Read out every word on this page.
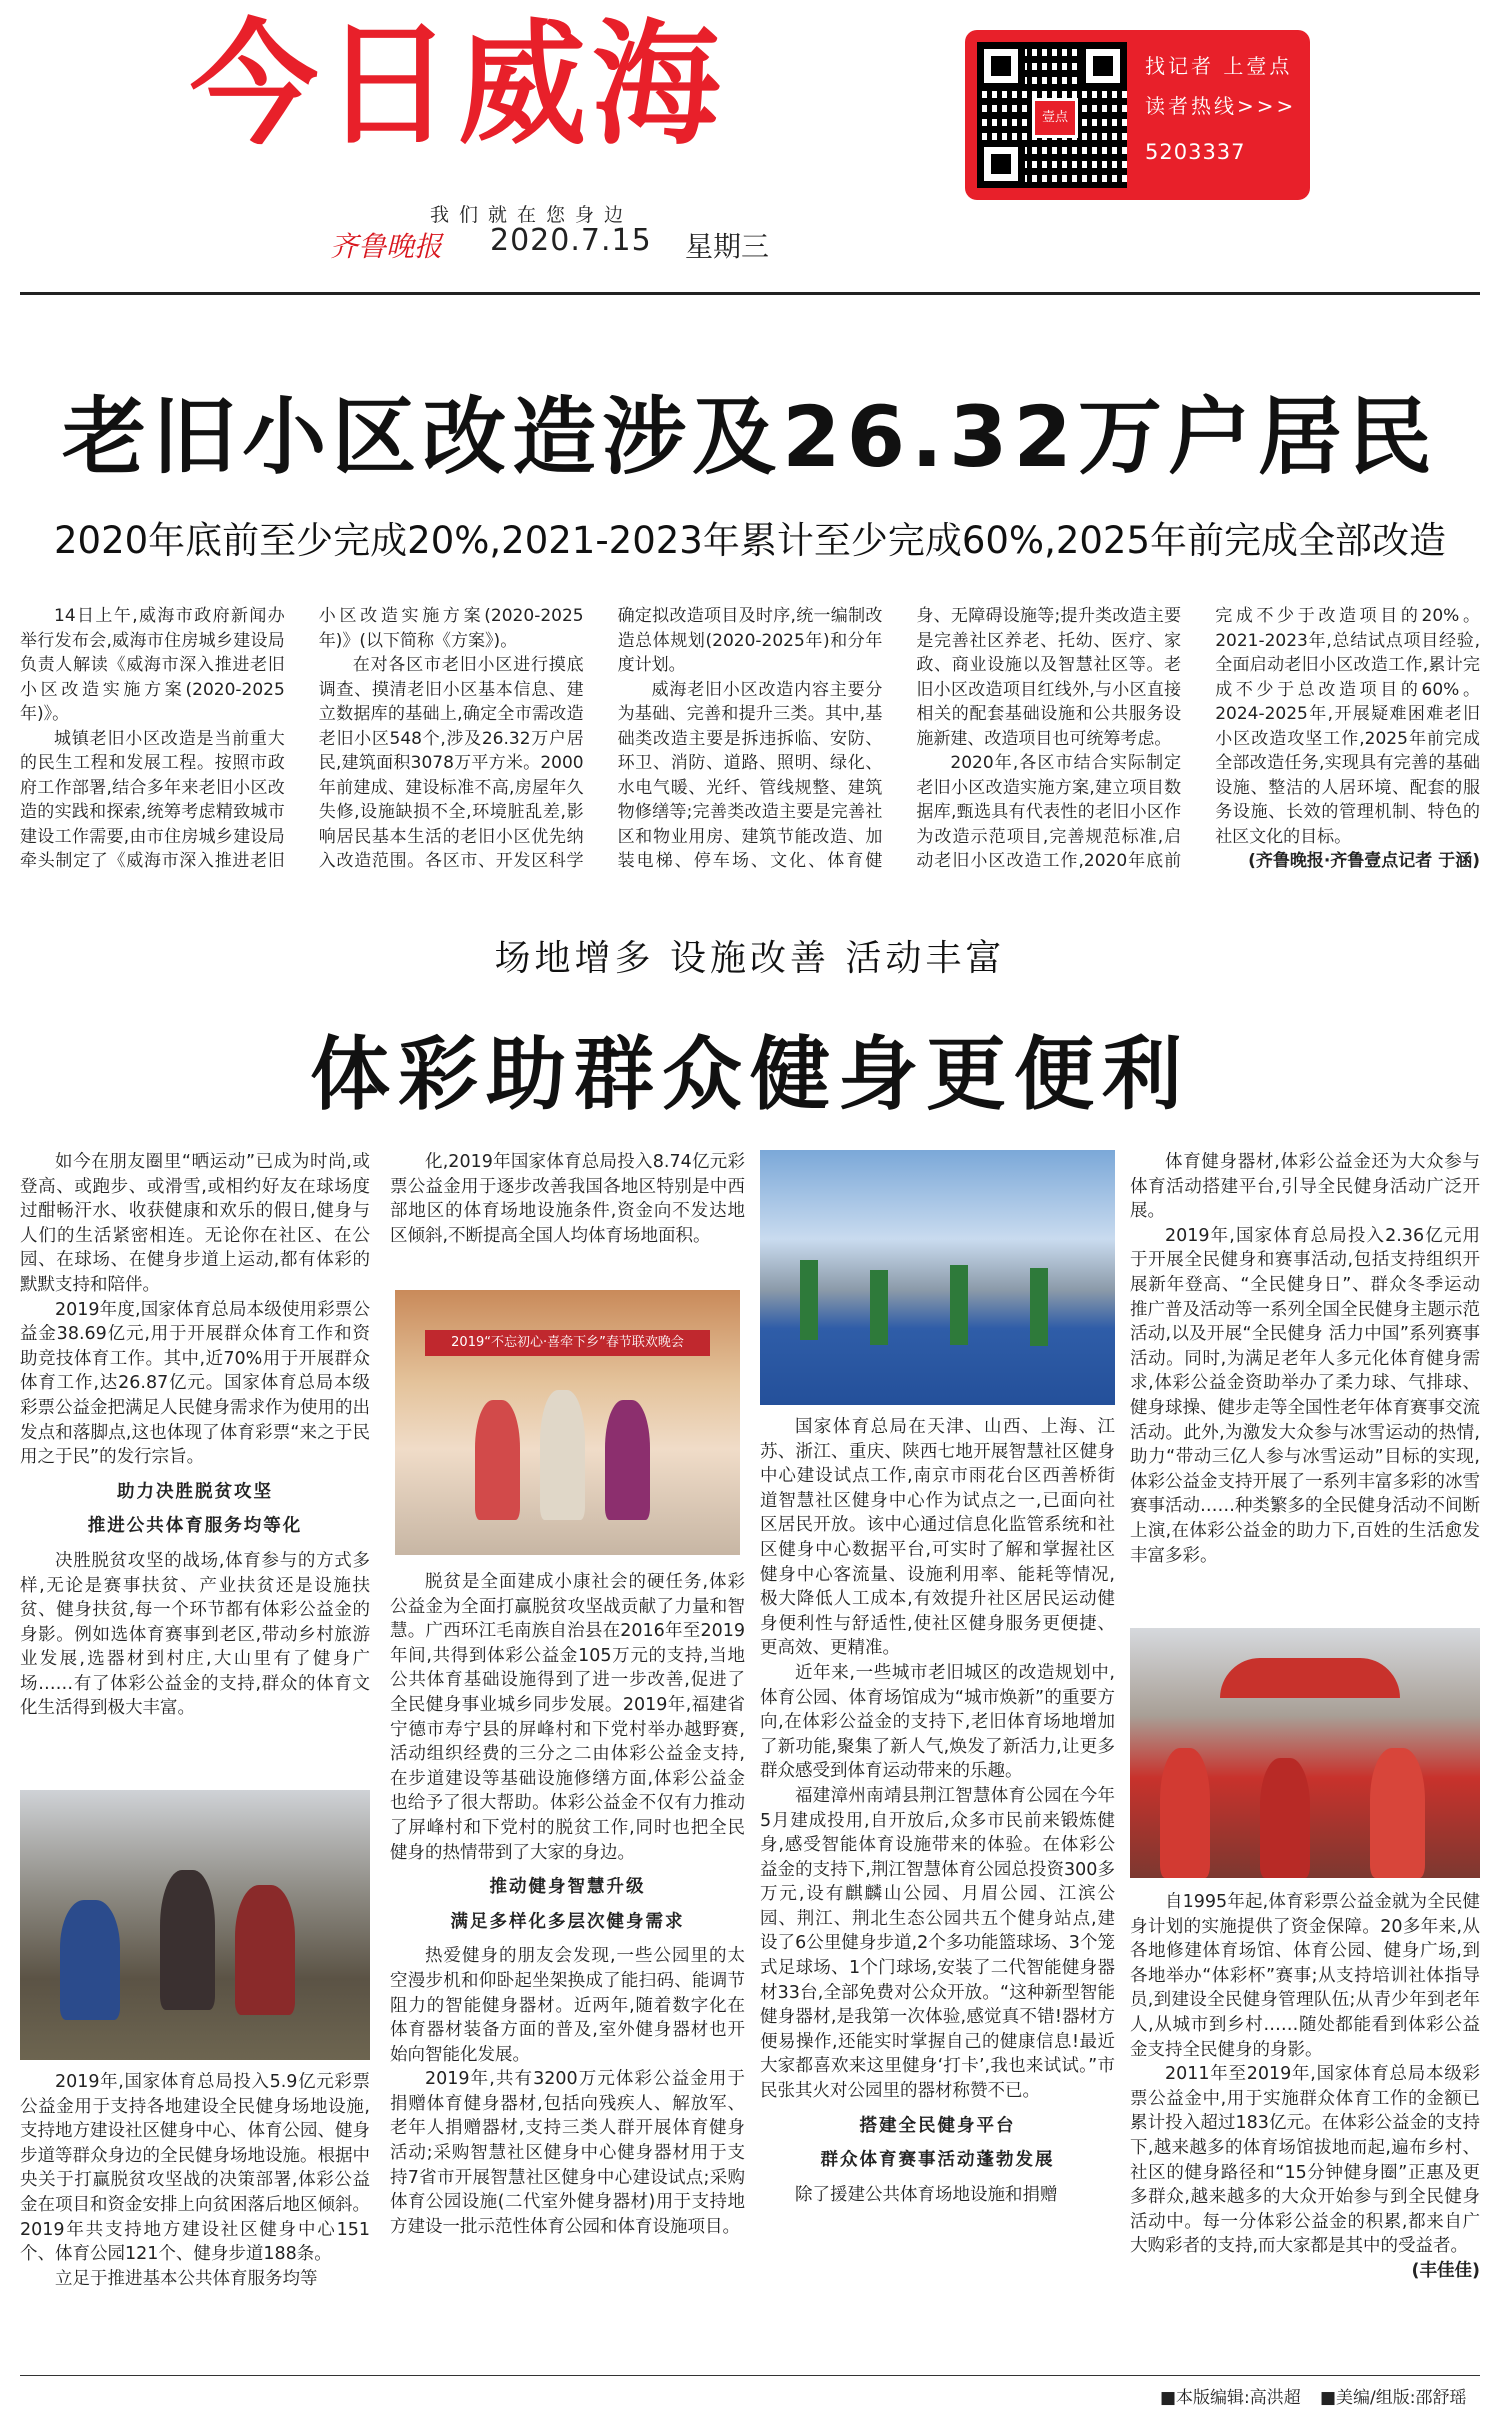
今日威海
我们就在您身边
齐鲁晚报 2020.7.15 星期三
壹点
找记者 上壹点
读者热线>>>
5203337
老旧小区改造涉及26.32万户居民
2020年底前至少完成20%,2021-2023年累计至少完成60%,2025年前完成全部改造

14日上午,威海市政府新闻办举行发布会,威海市住房城乡建设局负责人解读《威海市深入推进老旧小区改造实施方案(2020-2025年)》。

城镇老旧小区改造是当前重大的民生工程和发展工程。按照市政府工作部署,结合多年来老旧小区改造的实践和探索,统筹考虑精致城市建设工作需要,由市住房城乡建设局牵头制定了《威海市深入推进老旧小区改造实施方案(2020-2025年)》(以下简称《方案》)。

在对各区市老旧小区进行摸底调查、摸清老旧小区基本信息、建立数据库的基础上,确定全市需改造老旧小区548个,涉及26.32万户居民,建筑面积3078万平方米。2000年前建成、建设标准不高,房屋年久失修,设施缺损不全,环境脏乱差,影响居民基本生活的老旧小区优先纳入改造范围。各区市、开发区科学确定拟改造项目及时序,统一编制改造总体规划(2020-2025年)和分年度计划。

威海老旧小区改造内容主要分为基础、完善和提升三类。其中,基础类改造主要是拆违拆临、安防、环卫、消防、道路、照明、绿化、水电气暖、光纤、管线规整、建筑物修缮等;完善类改造主要是完善社区和物业用房、建筑节能改造、加装电梯、停车场、文化、体育健身、无障碍设施等;提升类改造主要是完善社区养老、托幼、医疗、家政、商业设施以及智慧社区等。老旧小区改造项目红线外,与小区直接相关的配套基础设施和公共服务设施新建、改造项目也可统筹考虑。

2020年,各区市结合实际制定老旧小区改造实施方案,建立项目数据库,甄选具有代表性的老旧小区作为改造示范项目,完善规范标准,启动老旧小区改造工作,2020年底前完成不少于改造项目的20%。2021-2023年,总结试点项目经验,全面启动老旧小区改造工作,累计完成不少于总改造项目的60%。2024-2025年,开展疑难困难老旧小区改造攻坚工作,2025年前完成全部改造任务,实现具有完善的基础设施、整洁的人居环境、配套的服务设施、长效的管理机制、特色的社区文化的目标。

(齐鲁晚报·齐鲁壹点记者 于涵)

场地增多 设施改善 活动丰富
体彩助群众健身更便利

如今在朋友圈里“晒运动”已成为时尚,或登高、或跑步、或滑雪,或相约好友在球场度过酣畅汗水、收获健康和欢乐的假日,健身与人们的生活紧密相连。无论你在社区、在公园、在球场、在健身步道上运动,都有体彩的默默支持和陪伴。

2019年度,国家体育总局本级使用彩票公益金38.69亿元,用于开展群众体育工作和资助竞技体育工作。其中,近70%用于开展群众体育工作,达26.87亿元。国家体育总局本级彩票公益金把满足人民健身需求作为使用的出发点和落脚点,这也体现了体育彩票“来之于民用之于民”的发行宗旨。

助力决胜脱贫攻坚

推进公共体育服务均等化

决胜脱贫攻坚的战场,体育参与的方式多样,无论是赛事扶贫、产业扶贫还是设施扶贫、健身扶贫,每一个环节都有体彩公益金的身影。例如选体育赛事到老区,带动乡村旅游业发展,选器材到村庄,大山里有了健身广场……有了体彩公益金的支持,群众的体育文化生活得到极大丰富。

2019年,国家体育总局投入5.9亿元彩票公益金用于支持各地建设全民健身场地设施,支持地方建设社区健身中心、体育公园、健身步道等群众身边的全民健身场地设施。根据中央关于打赢脱贫攻坚战的决策部署,体彩公益金在项目和资金安排上向贫困落后地区倾斜。2019年共支持地方建设社区健身中心151个、体育公园121个、健身步道188条。

立足于推进基本公共体育服务均等

化,2019年国家体育总局投入8.74亿元彩票公益金用于逐步改善我国各地区特别是中西部地区的体育场地设施条件,资金向不发达地区倾斜,不断提高全国人均体育场地面积。

2019“不忘初心·喜牵下乡”春节联欢晚会

脱贫是全面建成小康社会的硬任务,体彩公益金为全面打赢脱贫攻坚战贡献了力量和智慧。广西环江毛南族自治县在2016年至2019年间,共得到体彩公益金105万元的支持,当地公共体育基础设施得到了进一步改善,促进了全民健身事业城乡同步发展。2019年,福建省宁德市寿宁县的屏峰村和下党村举办越野赛,活动组织经费的三分之二由体彩公益金支持,在步道建设等基础设施修缮方面,体彩公益金也给予了很大帮助。体彩公益金不仅有力推动了屏峰村和下党村的脱贫工作,同时也把全民健身的热情带到了大家的身边。

推动健身智慧升级

满足多样化多层次健身需求

热爱健身的朋友会发现,一些公园里的太空漫步机和仰卧起坐架换成了能扫码、能调节阻力的智能健身器材。近两年,随着数字化在体育器材装备方面的普及,室外健身器材也开始向智能化发展。

2019年,共有3200万元体彩公益金用于捐赠体育健身器材,包括向残疾人、解放军、老年人捐赠器材,支持三类人群开展体育健身活动;采购智慧社区健身中心健身器材用于支持7省市开展智慧社区健身中心建设试点;采购体育公园设施(二代室外健身器材)用于支持地方建设一批示范性体育公园和体育设施项目。

国家体育总局在天津、山西、上海、江苏、浙江、重庆、陕西七地开展智慧社区健身中心建设试点工作,南京市雨花台区西善桥街道智慧社区健身中心作为试点之一,已面向社区居民开放。该中心通过信息化监管系统和社区健身中心数据平台,可实时了解和掌握社区健身中心客流量、设施利用率、能耗等情况,极大降低人工成本,有效提升社区居民运动健身便利性与舒适性,使社区健身服务更便捷、更高效、更精准。

近年来,一些城市老旧城区的改造规划中,体育公园、体育场馆成为“城市焕新”的重要方向,在体彩公益金的支持下,老旧体育场地增加了新功能,聚集了新人气,焕发了新活力,让更多群众感受到体育运动带来的乐趣。

福建漳州南靖县荆江智慧体育公园在今年5月建成投用,自开放后,众多市民前来锻炼健身,感受智能体育设施带来的体验。在体彩公益金的支持下,荆江智慧体育公园总投资300多万元,设有麒麟山公园、月眉公园、江滨公园、荆江、荆北生态公园共五个健身站点,建设了6公里健身步道,2个多功能篮球场、3个笼式足球场、1个门球场,安装了二代智能健身器材33台,全部免费对公众开放。“这种新型智能健身器材,是我第一次体验,感觉真不错!器材方便易操作,还能实时掌握自己的健康信息!最近大家都喜欢来这里健身‘打卡’,我也来试试。”市民张其火对公园里的器材称赞不已。

搭建全民健身平台

群众体育赛事活动蓬勃发展

除了援建公共体育场地设施和捐赠

体育健身器材,体彩公益金还为大众参与体育活动搭建平台,引导全民健身活动广泛开展。

2019年,国家体育总局投入2.36亿元用于开展全民健身和赛事活动,包括支持组织开展新年登高、“全民健身日”、群众冬季运动推广普及活动等一系列全国全民健身主题示范活动,以及开展“全民健身 活力中国”系列赛事活动。同时,为满足老年人多元化体育健身需求,体彩公益金资助举办了柔力球、气排球、健身球操、健步走等全国性老年体育赛事交流活动。此外,为激发大众参与冰雪运动的热情,助力“带动三亿人参与冰雪运动”目标的实现,体彩公益金支持开展了一系列丰富多彩的冰雪赛事活动……种类繁多的全民健身活动不间断上演,在体彩公益金的助力下,百姓的生活愈发丰富多彩。

自1995年起,体育彩票公益金就为全民健身计划的实施提供了资金保障。20多年来,从各地修建体育场馆、体育公园、健身广场,到各地举办“体彩杯”赛事;从支持培训社体指导员,到建设全民健身管理队伍;从青少年到老年人,从城市到乡村……随处都能看到体彩公益金支持全民健身的身影。

2011年至2019年,国家体育总局本级彩票公益金中,用于实施群众体育工作的金额已累计投入超过183亿元。在体彩公益金的支持下,越来越多的体育场馆拔地而起,遍布乡村、社区的健身路径和“15分钟健身圈”正惠及更多群众,越来越多的大众开始参与到全民健身活动中。每一分体彩公益金的积累,都来自广大购彩者的支持,而大家都是其中的受益者。

(丰佳佳)

■本版编辑:高洪超 ■美编/组版:邵舒瑶
